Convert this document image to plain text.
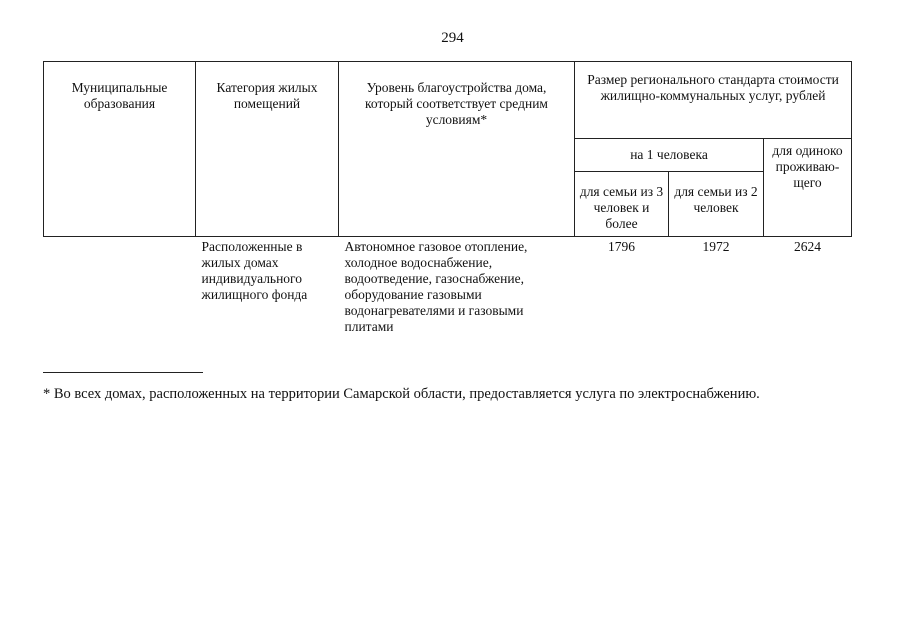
294
Муниципальные образования	Категория жилых помещений	Уровень благоустройства дома, который соответствует средним условиям*	Размер регионального стандарта стоимости жилищно-коммунальных услуг, рублей		
			на 1 человека		для одиноко проживаю-щего
			для семьи из 3 человек и более	для семьи из 2 человек	
	Расположенные в жилых домах индивидуального жилищного фонда	Автономное газовое отопление, холодное водоснабжение, водоотведение, газоснабжение, оборудование газовыми водонагревателями и газовыми плитами	1796	1972	2624
* Во всех домах, расположенных на территории Самарской области, предоставляется услуга по электроснабжению.
